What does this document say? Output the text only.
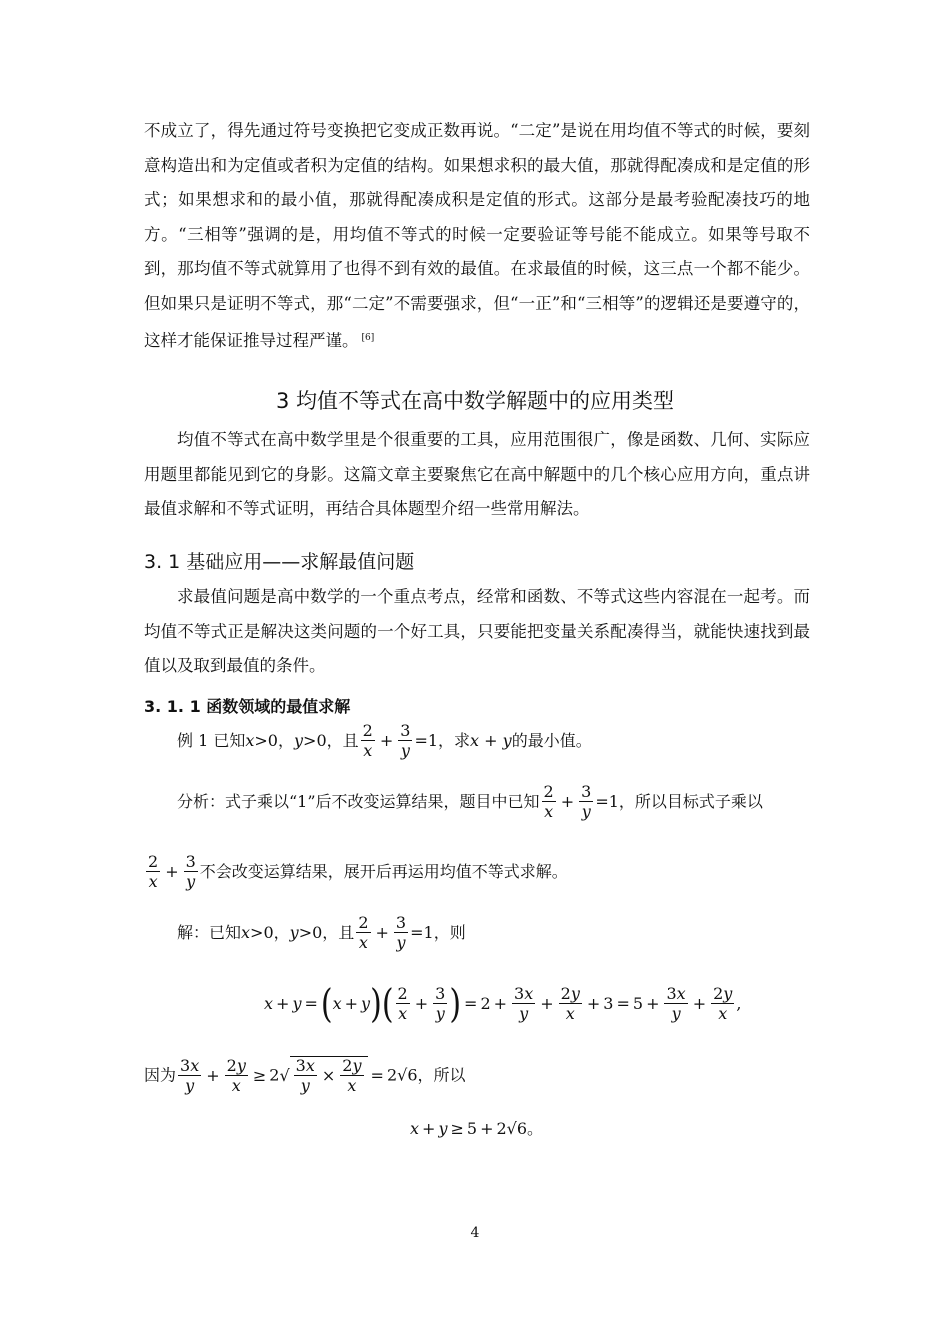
不成立了，得先通过符号变换把它变成正数再说。“二定”是说在用均值不等式的时候，要刻意构造出和为定值或者积为定值的结构。如果想求积的最大值，那就得配凑成和是定值的形式；如果想求和的最小值，那就得配凑成积是定值的形式。这部分是最考验配凑技巧的地方。“三相等”强调的是，用均值不等式的时候一定要验证等号能不能成立。如果等号取不到，那均值不等式就算用了也得不到有效的最值。在求最值的时候，这三点一个都不能少。但如果只是证明不等式，那“二定”不需要强求，但“一正”和“三相等”的逻辑还是要遵守的，这样才能保证推导过程严谨。 [6]

3 均值不等式在高中数学解题中的应用类型

均值不等式在高中数学里是个很重要的工具，应用范围很广，像是函数、几何、实际应用题里都能见到它的身影。这篇文章主要聚焦它在高中解题中的几个核心应用方向，重点讲最值求解和不等式证明，再结合具体题型介绍一些常用解法。

3. 1 基础应用——求解最值问题

求最值问题是高中数学的一个重点考点，经常和函数、不等式这些内容混在一起考。而均值不等式正是解决这类问题的一个好工具，只要能把变量关系配凑得当，就能快速找到最值以及取到最值的条件。

3. 1. 1 函数领域的最值求解
例 1 已知x>0，y>0，且 $\frac{2}{x} + \frac{3}{y} =1$，求x + y的最小值。
分析：式子乘以“1”后不改变运算结果，题目中已知 $\frac{2}{x} + \frac{3}{y} =1$，所以目标式子乘以
$\frac{2}{x} + \frac{3}{y}$ 不会改变运算结果，展开后再运用均值不等式求解。
解：已知x>0，y>0，且 $\frac{2}{x} + \frac{3}{y} =1$，则
$x + y = (x + y)( \frac{2}{x} + \frac{3}{y}$ ) = $2 + \frac{3x}{y} + \frac{2y}{x} + 3 = 5 + \frac{3x}{y} + \frac{2y}{x}$ ,
因为 $\frac{3x}{y} + \frac{2y}{x} \ge 2√ \frac{3x}{y} \times \frac{2y}{x} = 2√6$，所以
x + y ≥ 5 + 2√6。
4
